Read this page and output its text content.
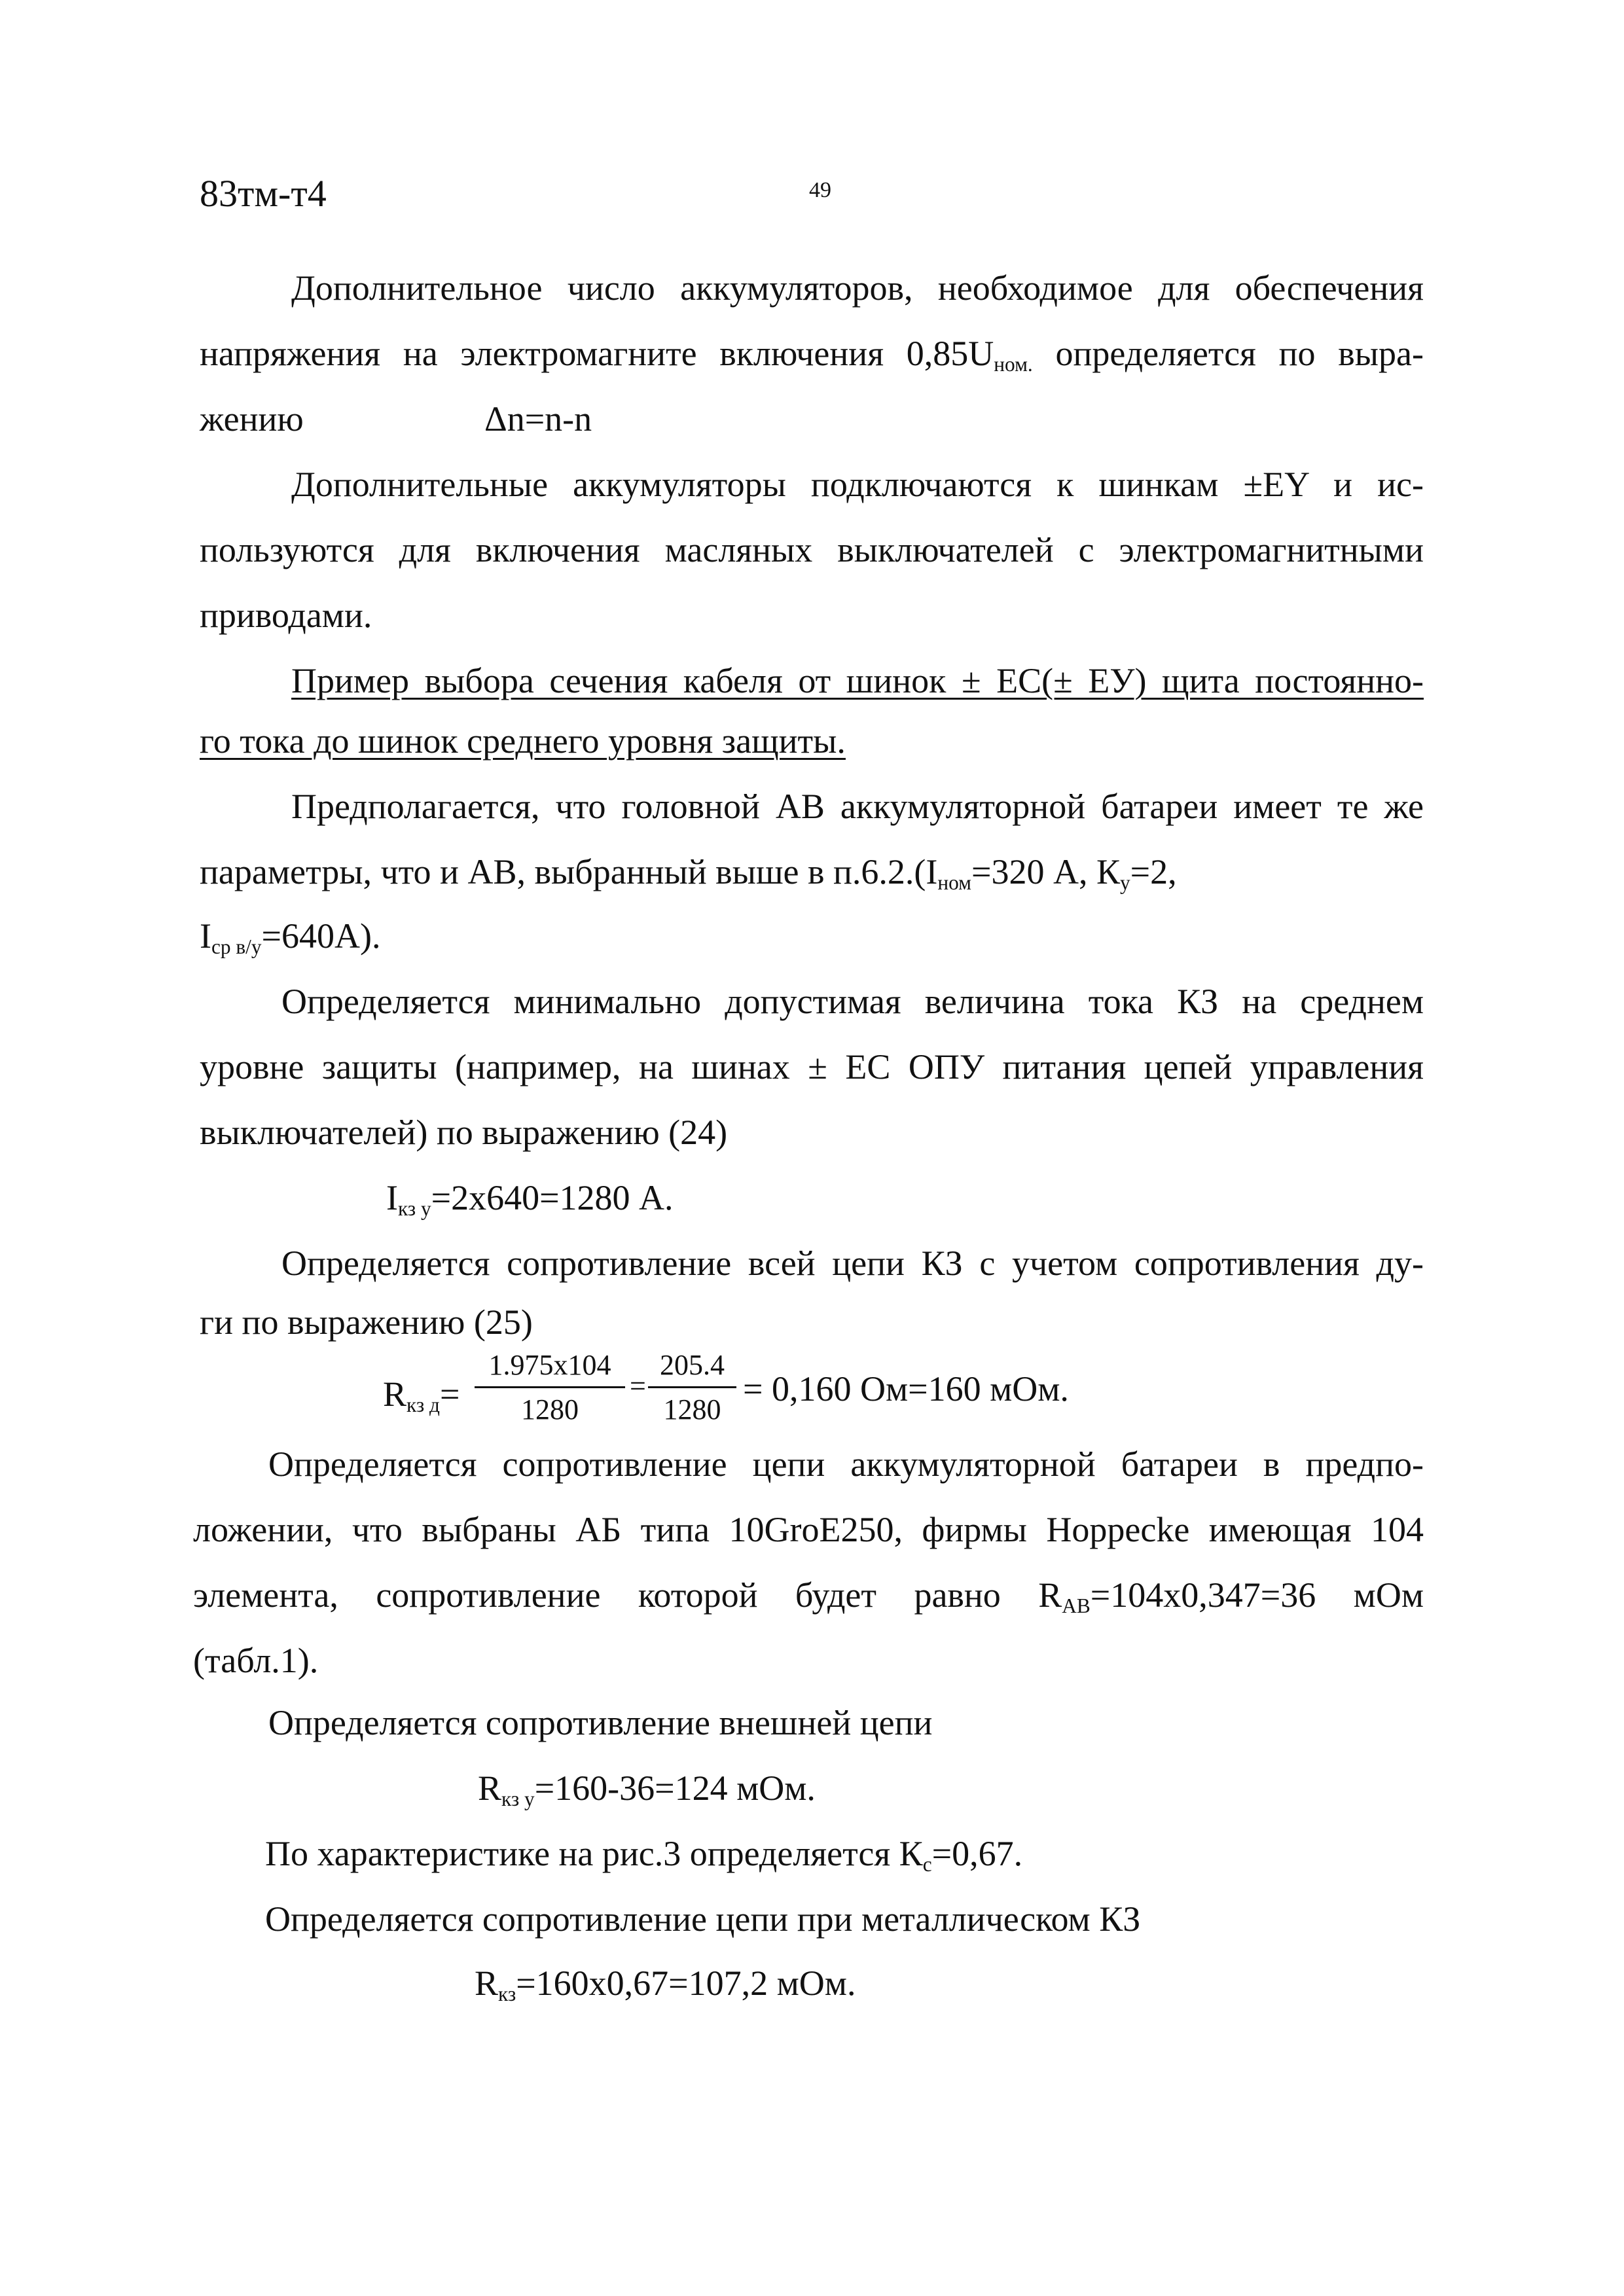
83тм-т4	49
Дополнительное число аккумуляторов, необходимое для обеспечения
напряжения на электромагните включения $0,85U_{ном.}$ определяется по выра-
жению	Δn=n-n
Дополнительные аккумуляторы подключаются к шинкам ±EY и ис-
пользуются для включения масляных выключателей с электромагнитными
приводами.
Пример выбора сечения кабеля от шинок ± ЕС(± ЕУ) щита постоянно-
го тока до шинок среднего уровня защиты.
Предполагается, что головной АВ аккумуляторной батареи имеет те же
параметры, что и АВ, выбранный выше в $п.6.2.(I_{ном}=320$ А, $К_у=2$,
$I_{ср в/у}=640А$).
Определяется минимально допустимая величина тока КЗ на среднем
уровне защиты (например, на шинах ± ЕС ОПУ питания цепей управления
выключателей) по выражению (24)
$I_{кз у}=2х640=1280$ А.
Определяется сопротивление всей цепи КЗ с учетом сопротивления ду-
ги по выражению (25)
$R_{кз д}=$
1.975х104
1280
=
205.4
1280
= 0,160 Ом=160 мОм.
Определяется сопротивление цепи аккумуляторной батареи в предпо-
ложении, что выбраны АБ типа 10GroE250, фирмы Hoppecke имеющая 104
элемента, сопротивление которой будет равно $R_{АВ}=104х0,347=36$ мОм
(табл.1).
Определяется сопротивление внешней цепи
$R_{кз у}=160-36=124$ мОм.
По характеристике на рис.3 определяется $К_с=0,67$.
Определяется сопротивление цепи при металлическом КЗ
$R_{кз}=160х0,67=107,2$ мОм.
